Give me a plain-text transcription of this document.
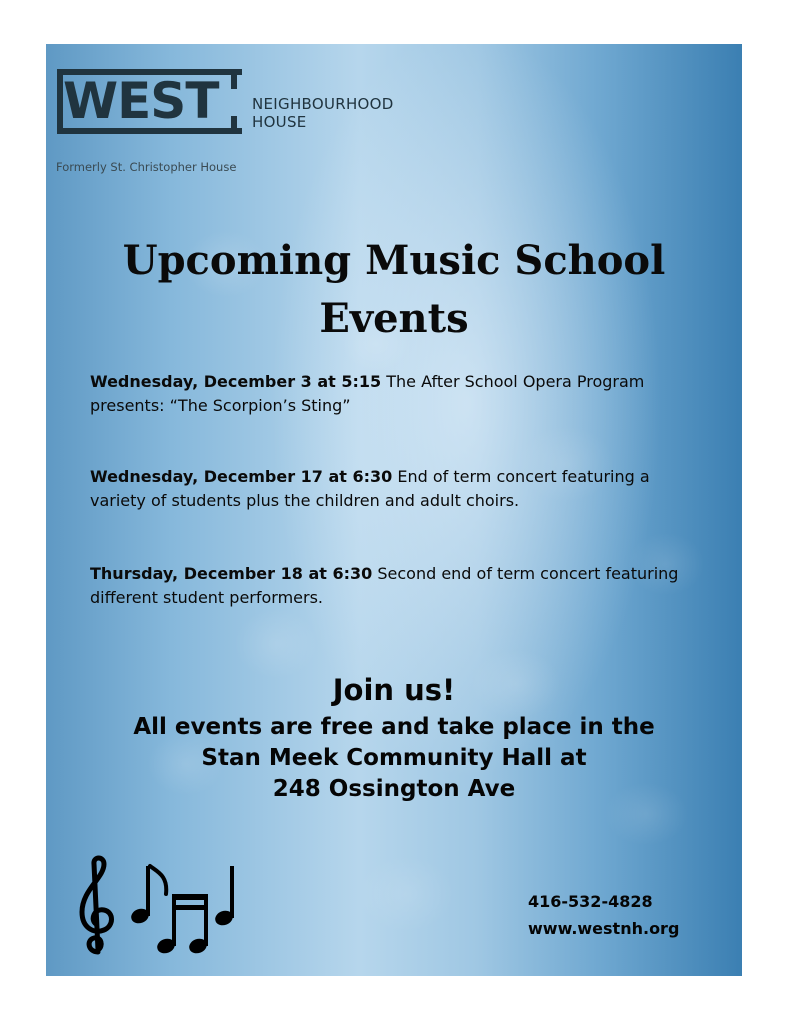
WEST NEIGHBOURHOOD
HOUSE
Formerly St. Christopher House
Upcoming Music School
Events
Wednesday, December 3 at 5:15 The After School Opera Program presents: “The Scorpion’s Sting”
Wednesday, December 17 at 6:30 End of term concert featuring a variety of students plus the children and adult choirs.
Thursday, December 18 at 6:30 Second end of term concert featuring different student performers.
Join us!
All events are free and take place in the
Stan Meek Community Hall at
248 Ossington Ave
416-532-4828
www.westnh.org
